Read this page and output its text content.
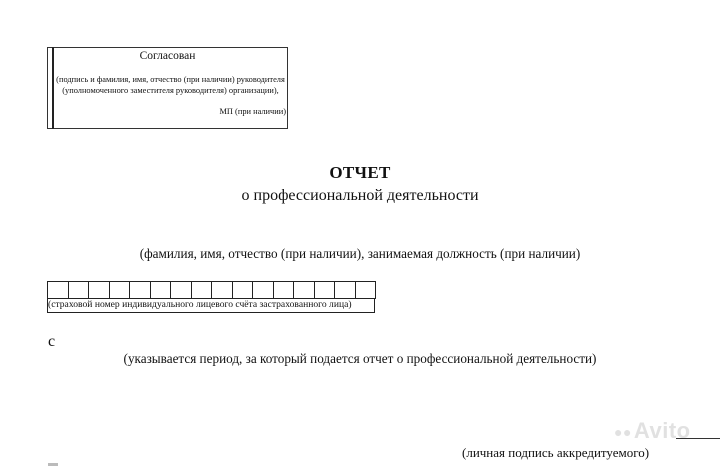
Согласован
(подпись и фамилия, имя, отчество (при наличии) руководителя
(уполномоченного заместителя руководителя) организации),
МП (при наличии)
ОТЧЕТ
о профессиональной деятельности
(фамилия, имя, отчество (при наличии), занимаемая должность (при наличии)
(страховой номер индивидуального лицевого счёта застрахованного лица)
с
(указывается период, за который подается отчет о профессиональной деятельности)
(личная подпись аккредитуемого)
●●Avito
